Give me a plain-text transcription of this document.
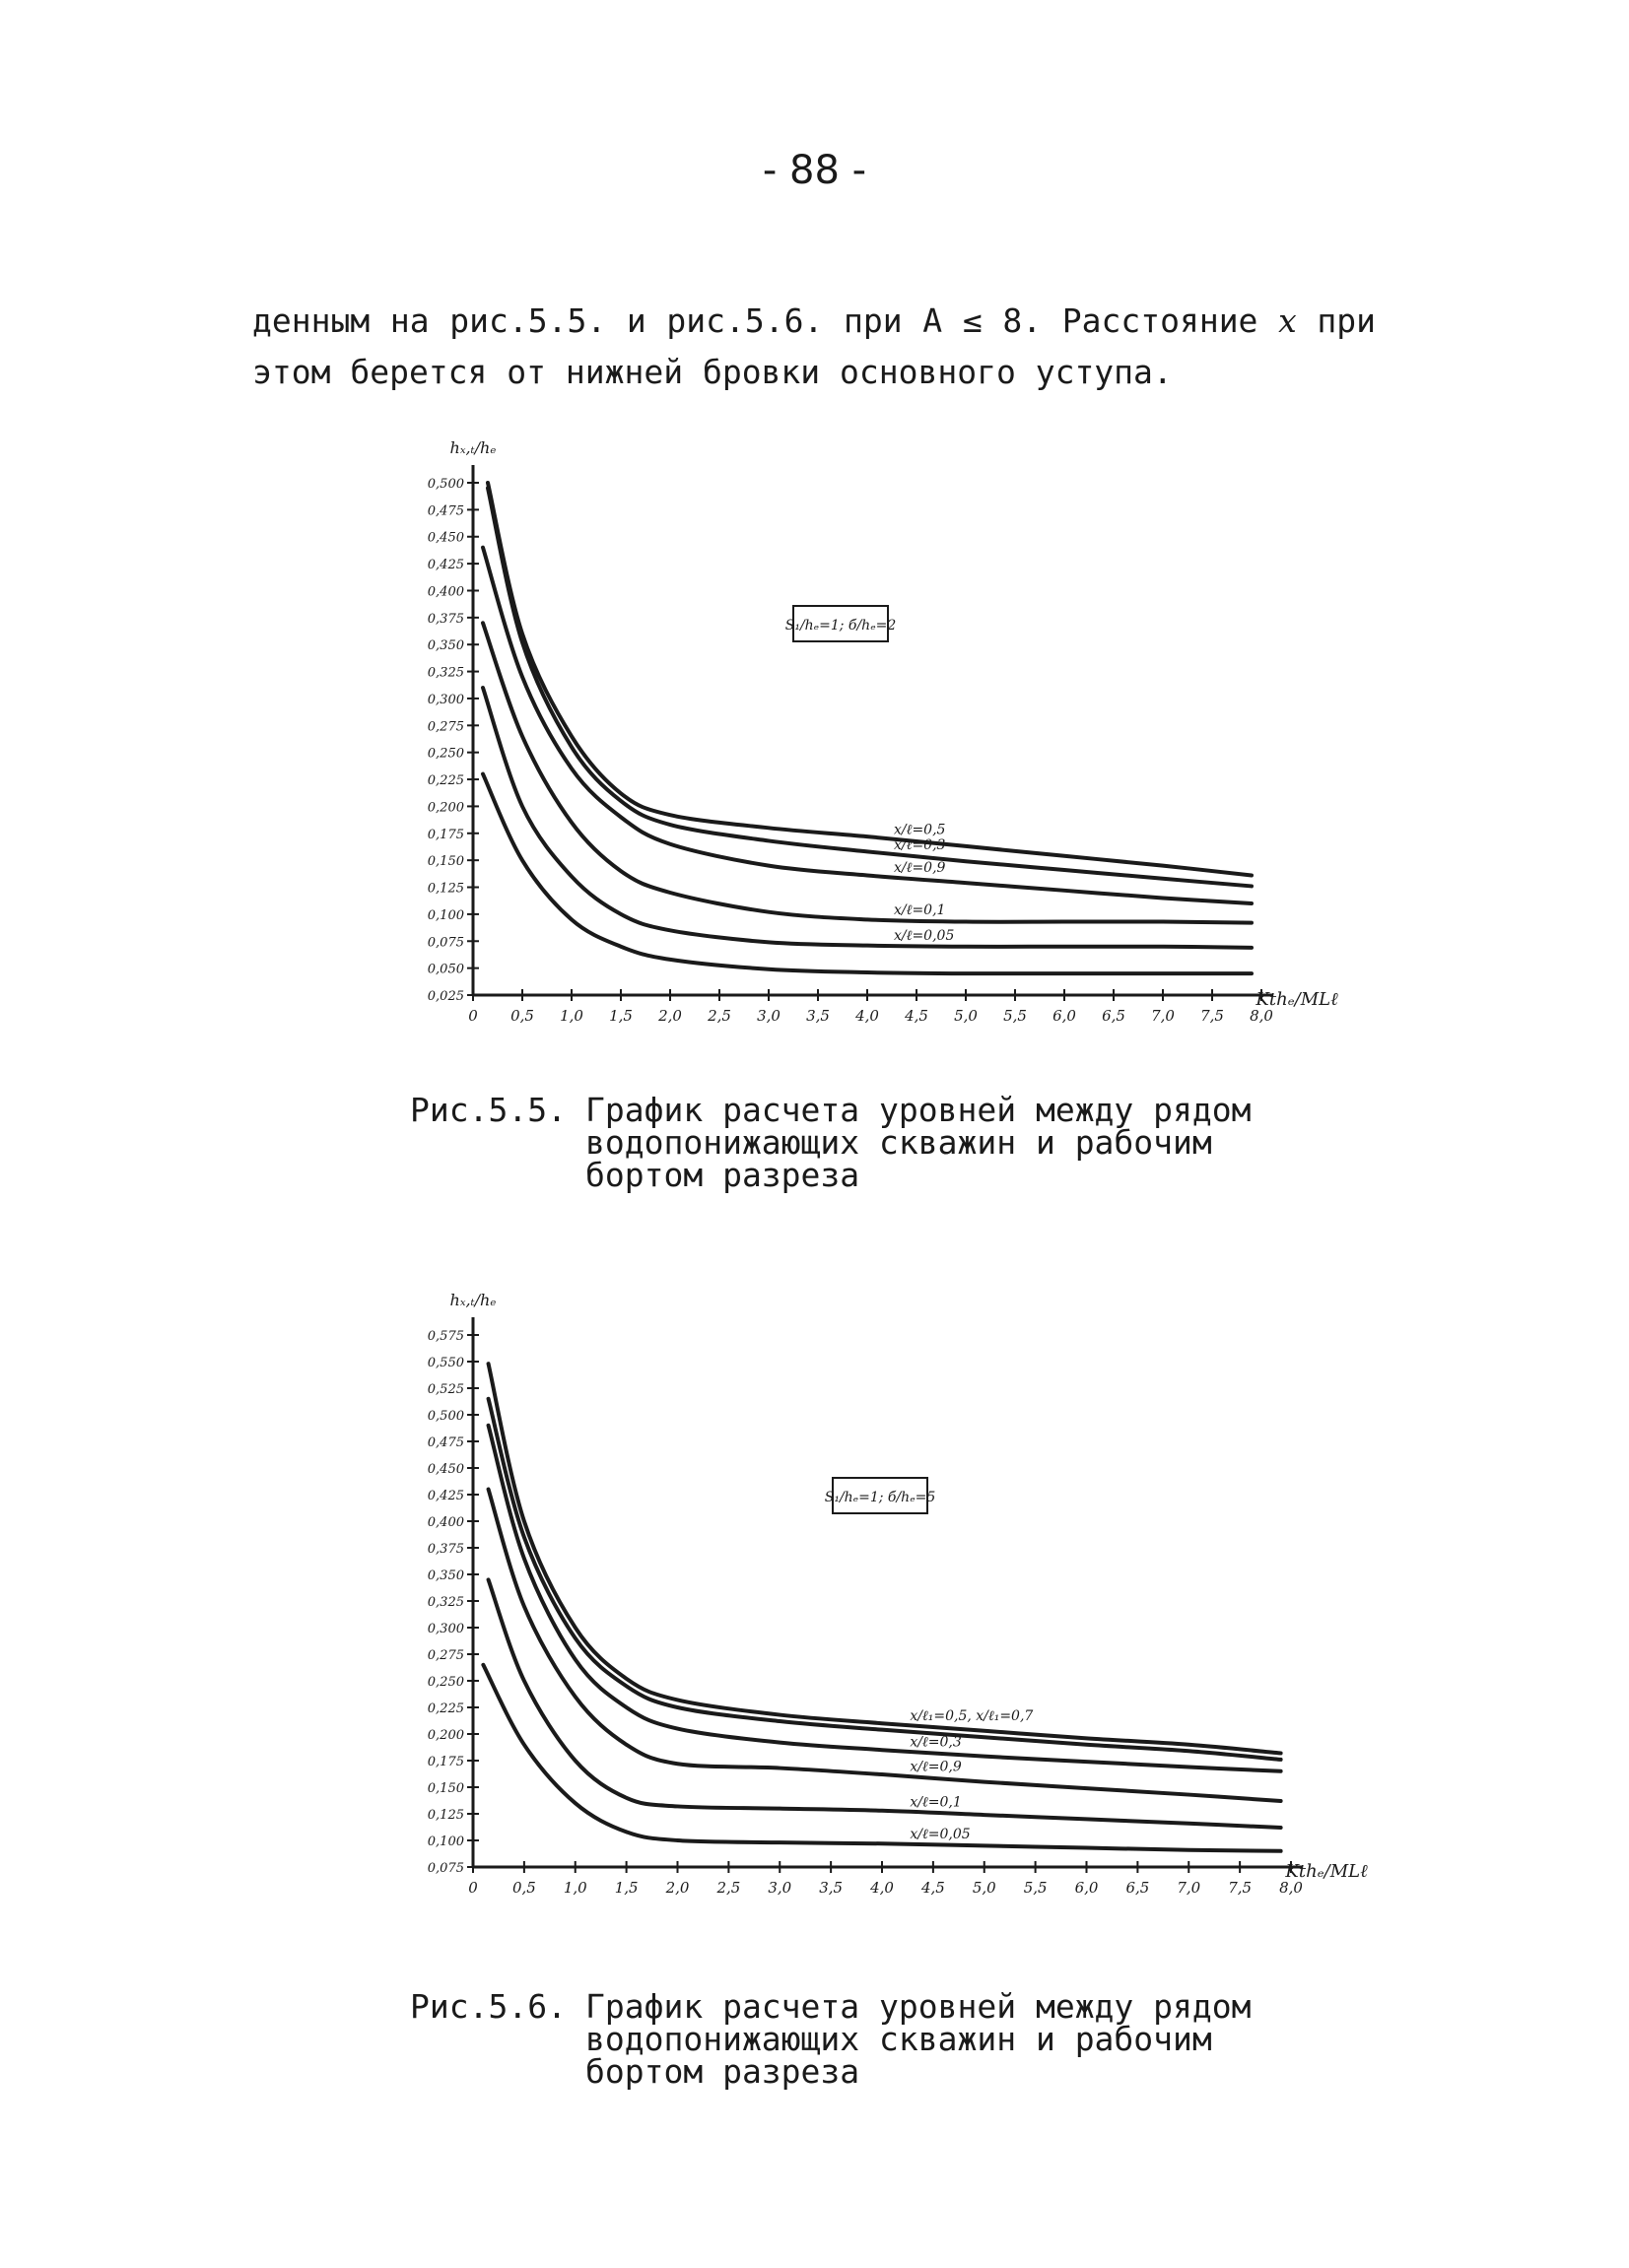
- 88 -

денным на рис.5.5. и рис.5.6. при A ≤ 8. Расстояние x при

этом берется от нижней бровки основного уступа.

0,025
0,050
0,075
0,100
0,125
0,150
0,175
0,200
0,225
0,250
0,275
0,300
0,325
0,350
0,375
0,400
0,425
0,450
0,475
0,500
0 0,5 1,0 1,5 2,0 2,5 3,0 3,5 4,0 4,5 5,0 5,5 6,0 6,5 7,0 7,5 8,0
hₓ,ₜ/hₑ
Ktℎₑ/MLℓ
S₁/hₑ=1; б/hₑ=2
x/ℓ=0,5
x/ℓ=0,3
x/ℓ=0,9
x/ℓ=0,1
x/ℓ=0,05
Рис.5.5. График расчета уровней между рядом
водопонижающих скважин и рабочим
бортом разреза
0,075
0,100
0,125
0,150
0,175
0,200
0,225
0,250
0,275
0,300
0,325
0,350
0,375
0,400
0,425
0,450
0,475
0,500
0,525
0,550
0,575
0 0,5 1,0 1,5 2,0 2,5 3,0 3,5 4,0 4,5 5,0 5,5 6,0 6,5 7,0 7,5 8,0
hₓ,ₜ/hₑ
Ktℎₑ/MLℓ
S₁/hₑ=1; б/hₑ=5
x/ℓ₁=0,5, x/ℓ₁=0,7
x/ℓ=0,3
x/ℓ=0,9
x/ℓ=0,1
x/ℓ=0,05
Рис.5.6. График расчета уровней между рядом
водопонижающих скважин и рабочим
бортом разреза
